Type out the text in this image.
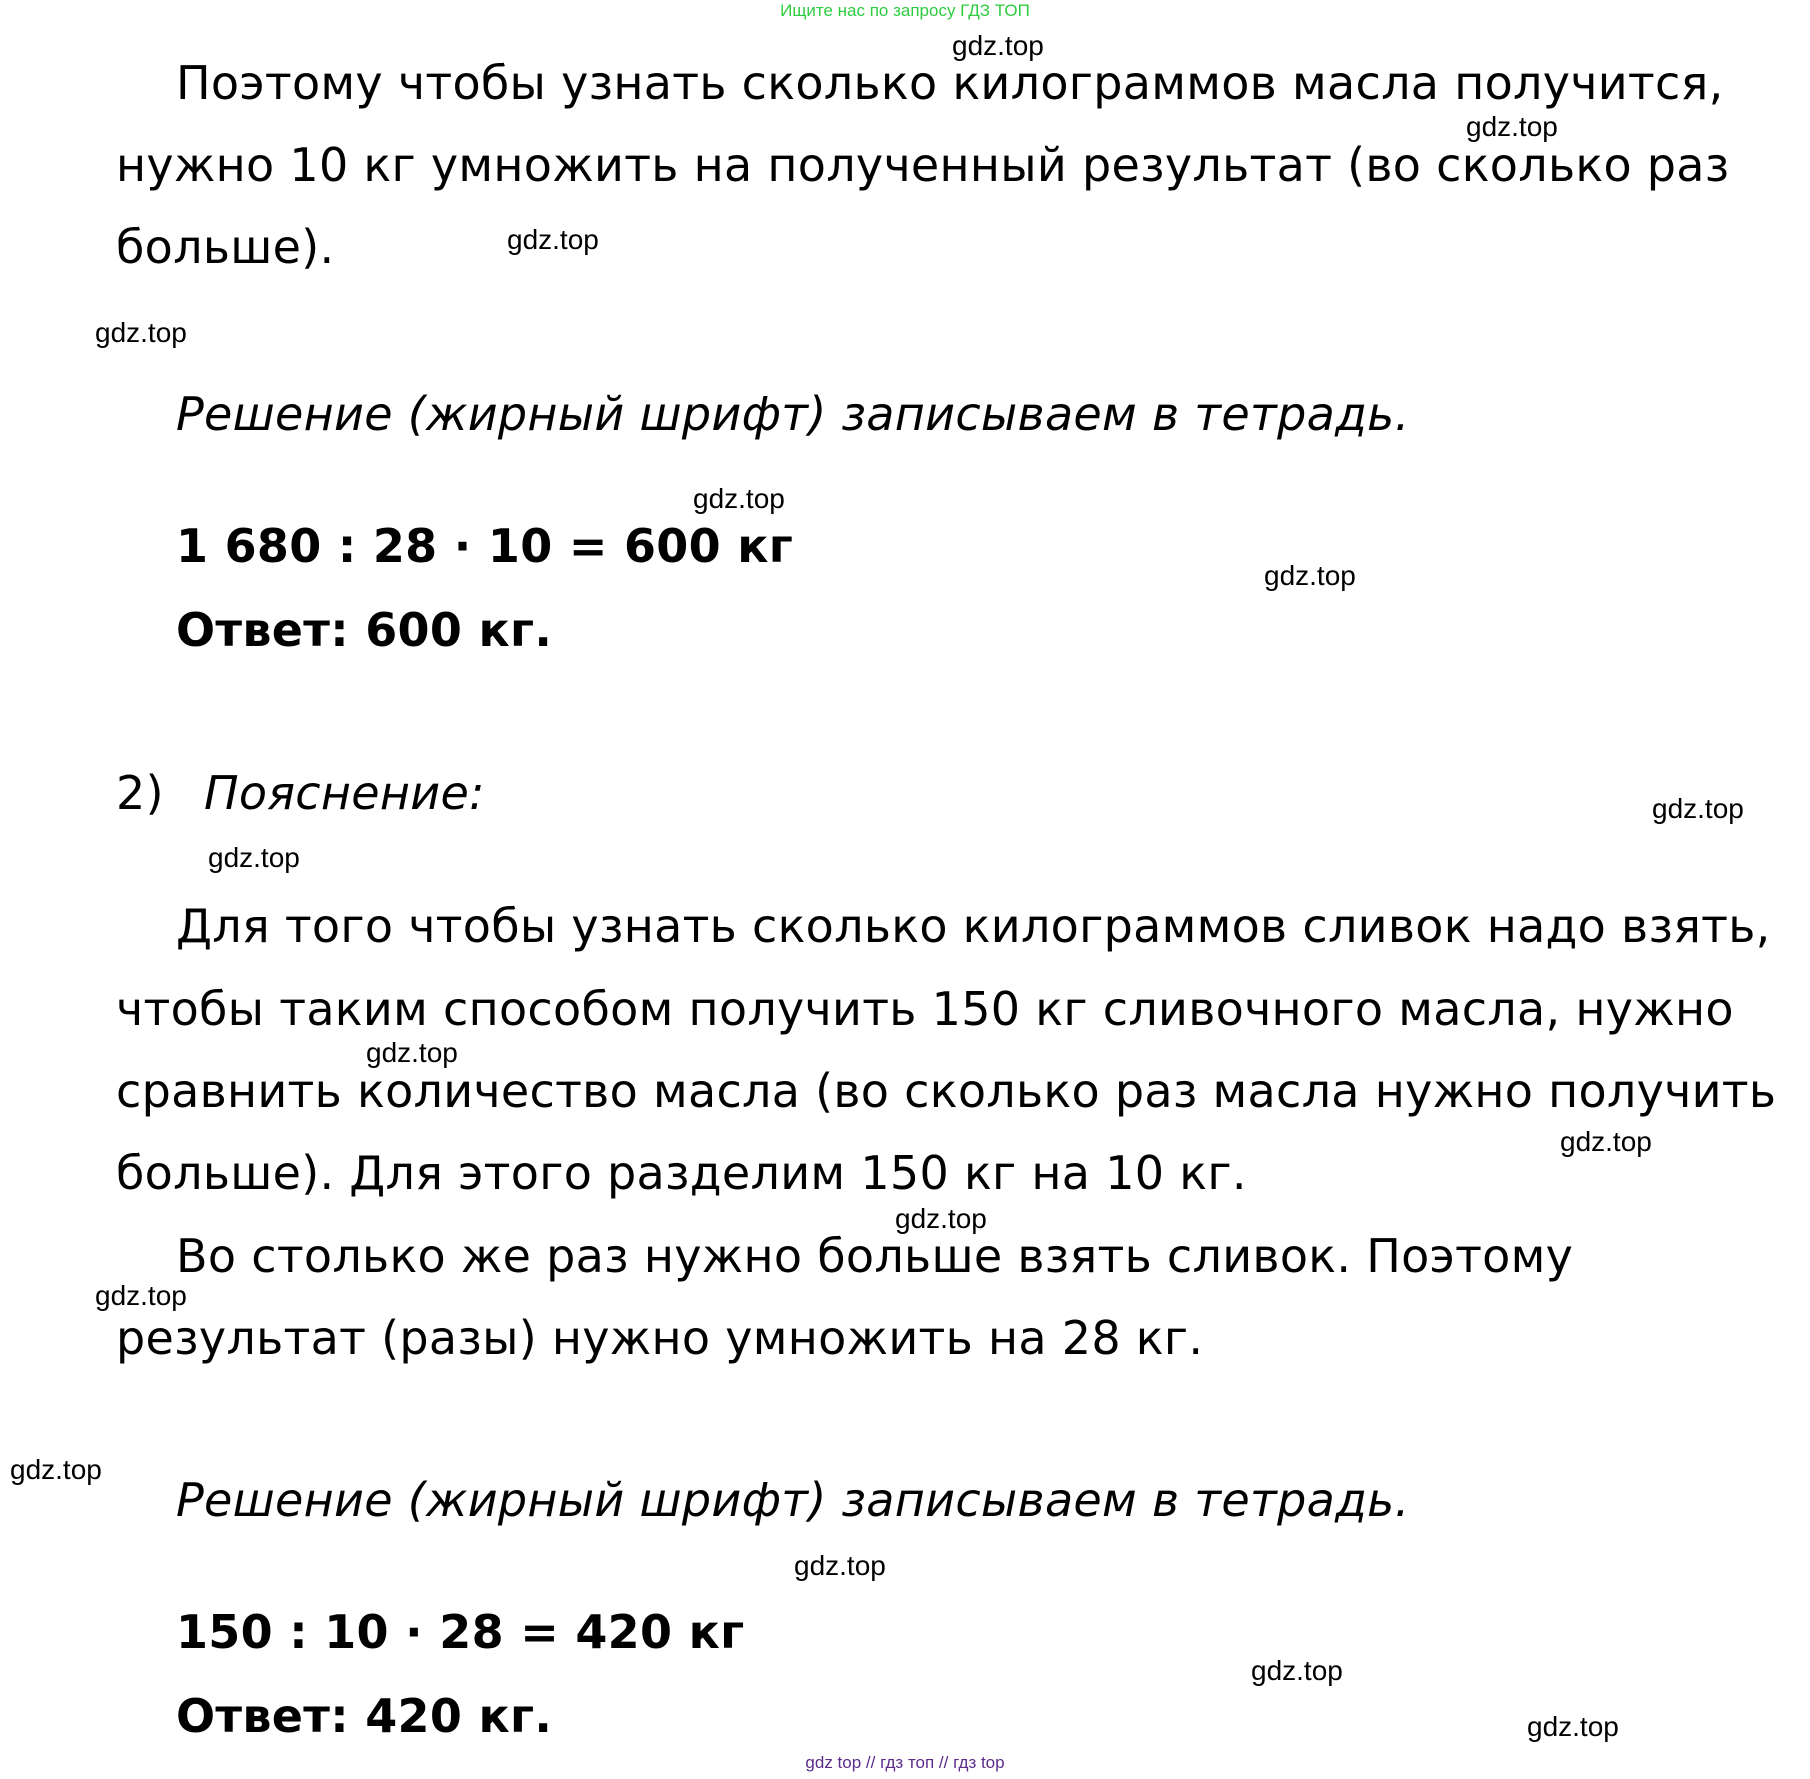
Ищите нас по запросу ГДЗ ТОП
Поэтому чтобы узнать сколько килограммов масла получится,
нужно 10 кг умножить на полученный результат (во сколько раз
больше).
Решение (жирный шрифт) записываем в тетрадь.
1 680 : 28 · 10 = 600 кг
Ответ: 600 кг.
2) Пояснение:
Для того чтобы узнать сколько килограммов сливок надо взять,
чтобы таким способом получить 150 кг сливочного масла, нужно
сравнить количество масла (во сколько раз масла нужно получить
больше). Для этого разделим 150 кг на 10 кг.
Во столько же раз нужно больше взять сливок. Поэтому
результат (разы) нужно умножить на 28 кг.
Решение (жирный шрифт) записываем в тетрадь.
150 : 10 · 28 = 420 кг
Ответ: 420 кг.
gdz.top
gdz.top
gdz.top
gdz.top
gdz.top
gdz.top
gdz.top
gdz.top
gdz.top
gdz.top
gdz.top
gdz.top
gdz.top
gdz.top
gdz.top
gdz.top
gdz top // гдз топ // гдз top
